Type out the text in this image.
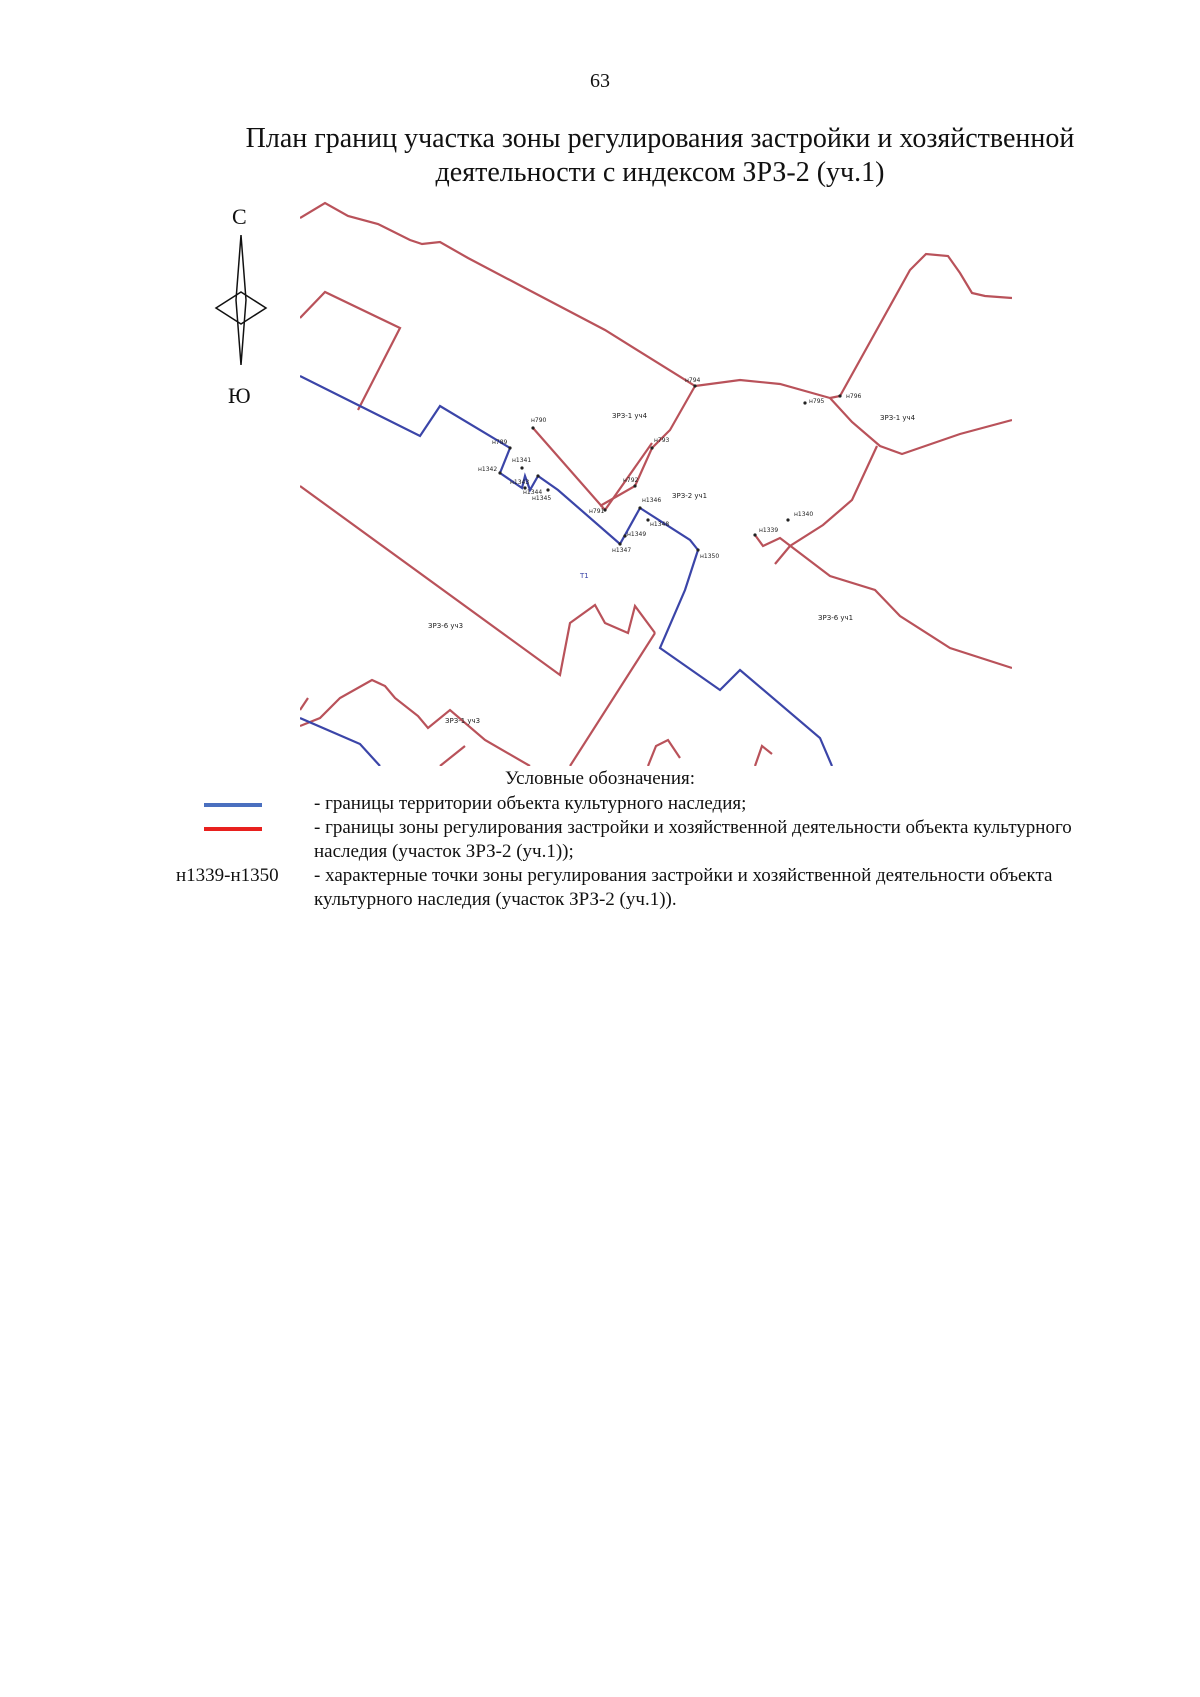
63
План границ участка зоны регулирования застройки и хозяйственной
деятельности с индексом ЗРЗ-2 (уч.1)
С
Ю
н789
н790
н791
н792
н793
н794
н795
н796
н1339
н1340
н1341
н1342
н1343
н1344
н1345	н1346
н1347
н1348
н1349
н1350
ЗРЗ-1 уч4	ЗРЗ-1 уч4
ЗРЗ-2 уч1
Т1
ЗРЗ-6 уч3
ЗРЗ-6 уч1
ЗРЗ-1 уч3
Условные обозначения:
- границы территории объекта культурного наследия;
- границы зоны регулирования застройки и хозяйственной деятельности объекта культурного наследия (участок ЗРЗ-2 (уч.1));
н1339-н1350 - характерные точки зоны регулирования застройки и хозяйственной деятельности объекта культурного наследия (участок ЗРЗ-2 (уч.1)).
